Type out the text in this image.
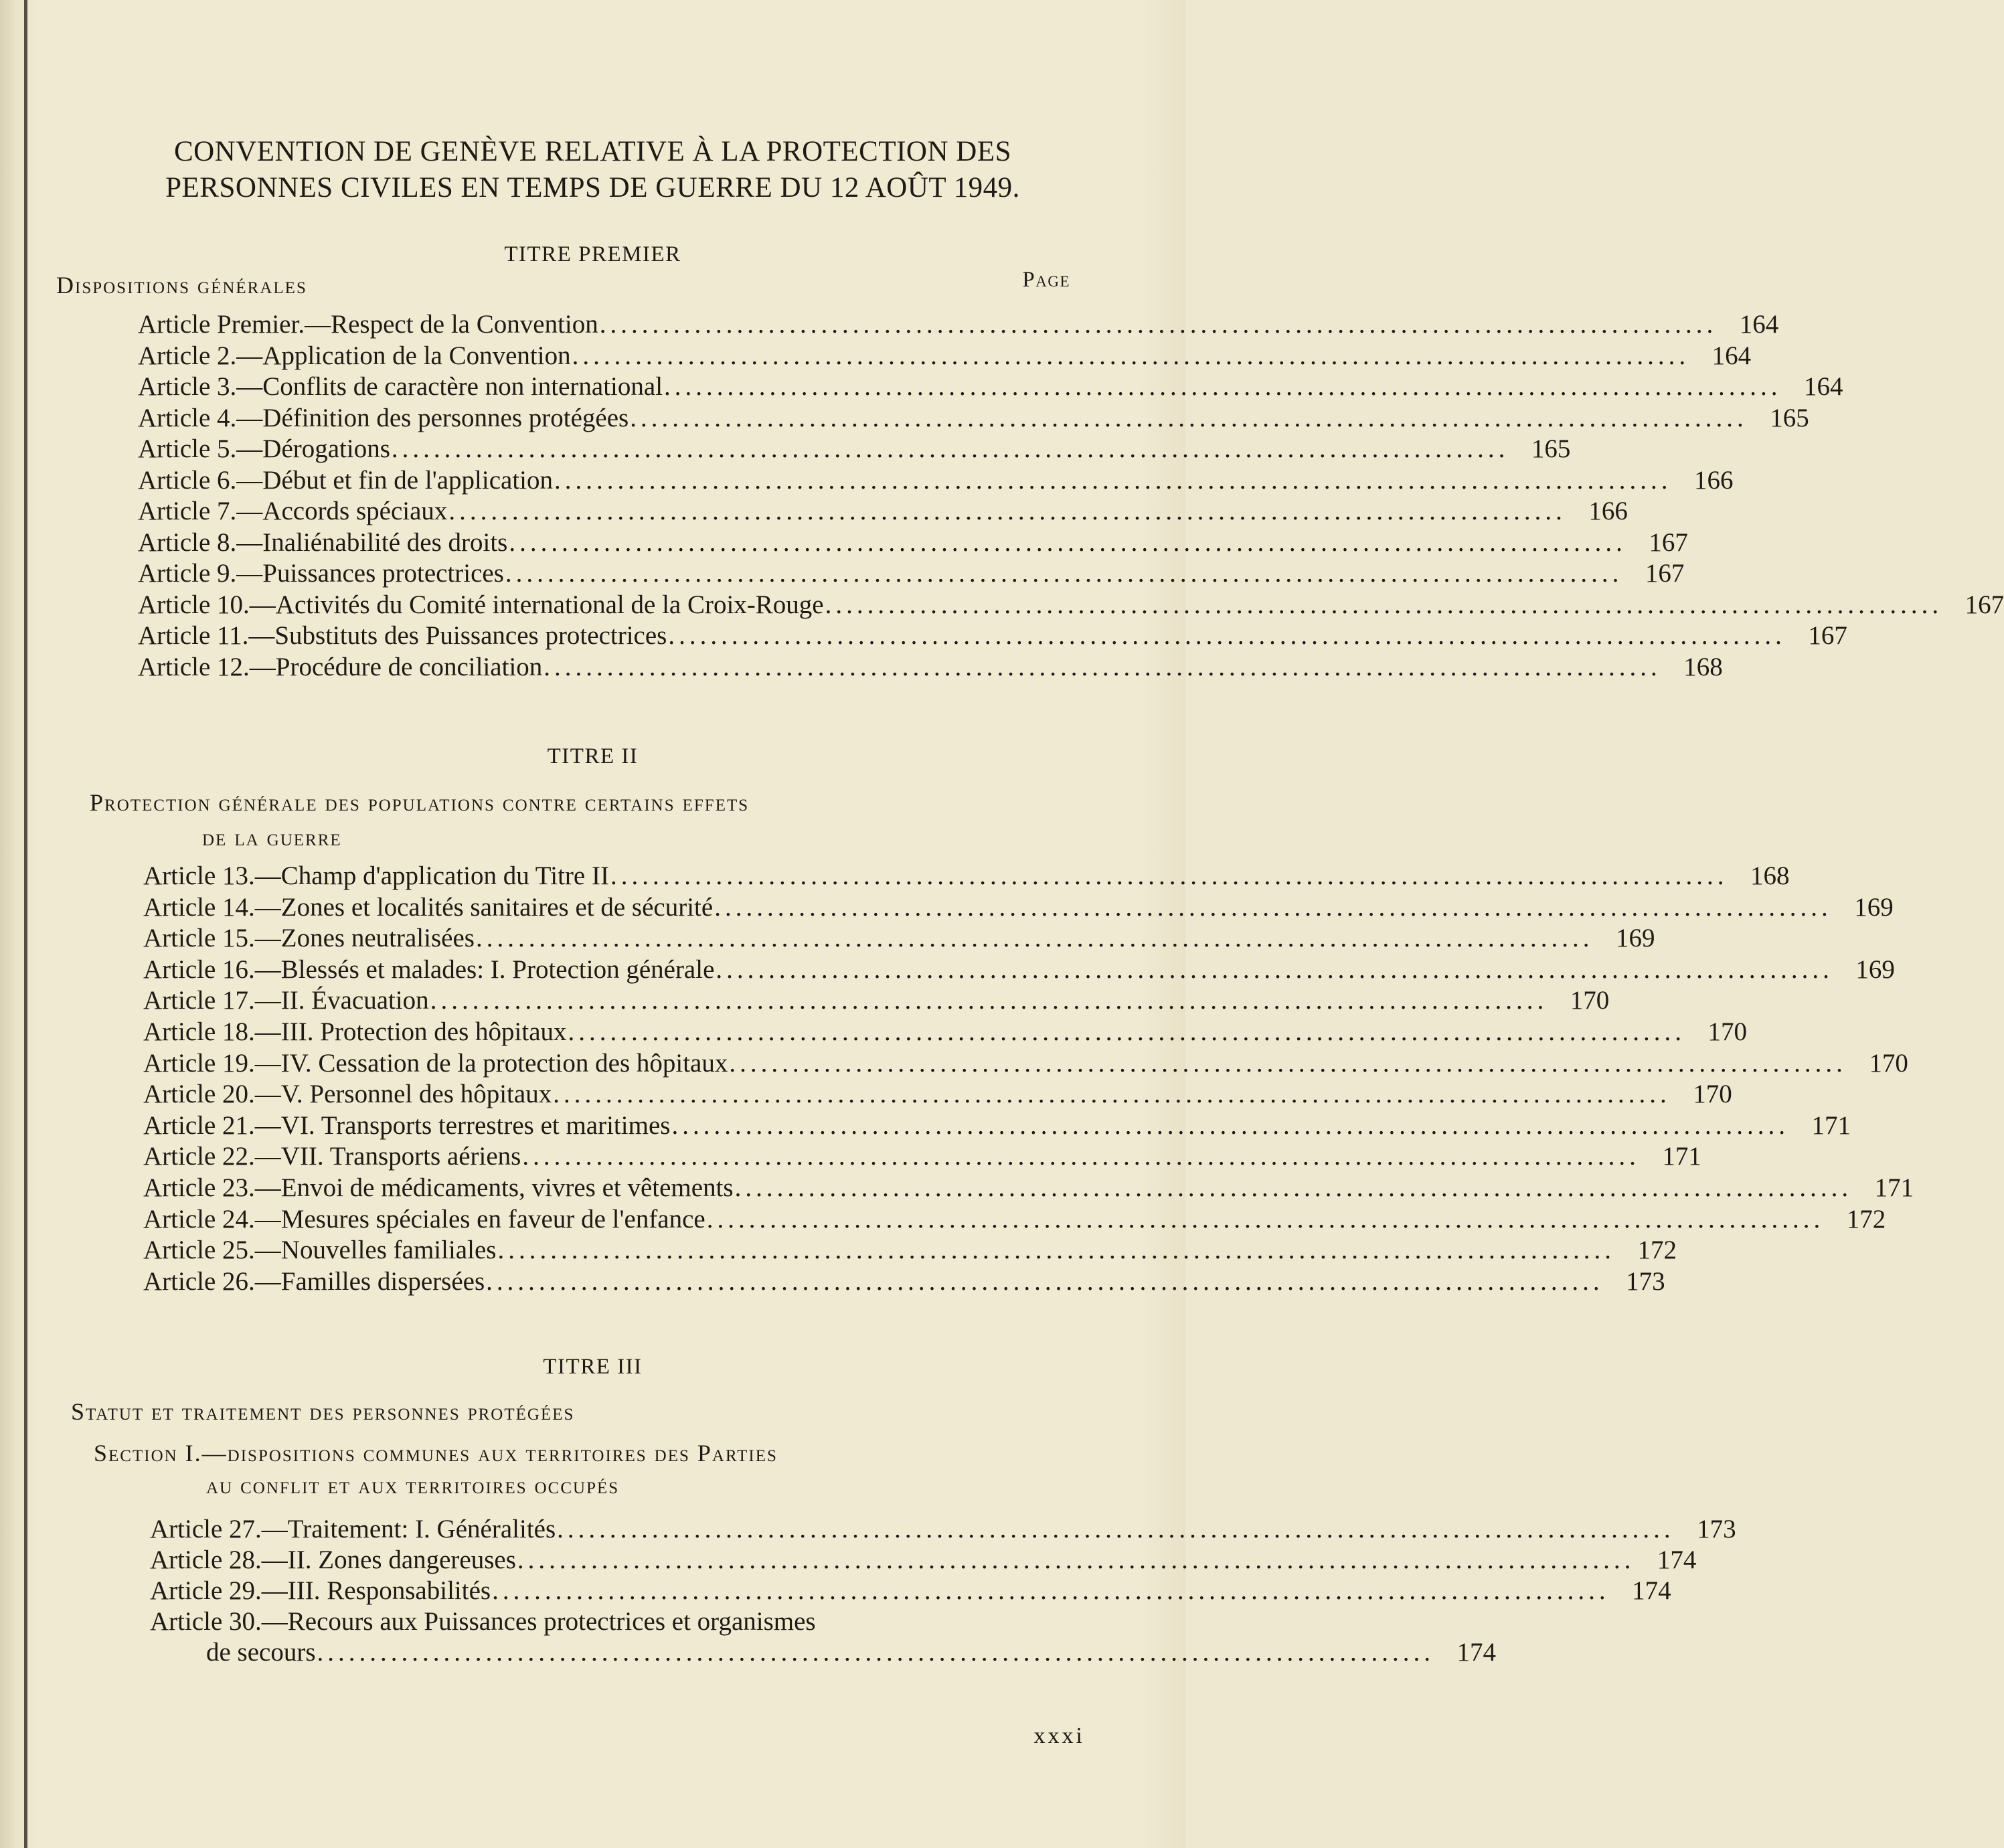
CONVENTION DE GENÈVE RELATIVE À LA PROTECTION DES
PERSONNES CIVILES EN TEMPS DE GUERRE DU 12 AOÛT 1949.
TITRE PREMIER
Dispositions générales	Page
Article Premier.—Respect de la Convention .......................................................................................................... 164
Article 2.—Application de la Convention .......................................................................................................... 164
Article 3.—Conflits de caractère non international .......................................................................................................... 164
Article 4.—Définition des personnes protégées .......................................................................................................... 165
Article 5.—Dérogations .......................................................................................................... 165
Article 6.—Début et fin de l'application .......................................................................................................... 166
Article 7.—Accords spéciaux .......................................................................................................... 166
Article 8.—Inaliénabilité des droits .......................................................................................................... 167
Article 9.—Puissances protectrices .......................................................................................................... 167
Article 10.—Activités du Comité international de la Croix-Rouge .......................................................................................................... 167
Article 11.—Substituts des Puissances protectrices .......................................................................................................... 167
Article 12.—Procédure de conciliation .......................................................................................................... 168
TITRE II
Protection générale des populations contre certains effets
de la guerre
Article 13.—Champ d'application du Titre II .......................................................................................................... 168
Article 14.—Zones et localités sanitaires et de sécurité .......................................................................................................... 169
Article 15.—Zones neutralisées .......................................................................................................... 169
Article 16.—Blessés et malades: I. Protection générale .......................................................................................................... 169
Article 17.—II. Évacuation .......................................................................................................... 170
Article 18.—III. Protection des hôpitaux .......................................................................................................... 170
Article 19.—IV. Cessation de la protection des hôpitaux .......................................................................................................... 170
Article 20.—V. Personnel des hôpitaux .......................................................................................................... 170
Article 21.—VI. Transports terrestres et maritimes .......................................................................................................... 171
Article 22.—VII. Transports aériens .......................................................................................................... 171
Article 23.—Envoi de médicaments, vivres et vêtements .......................................................................................................... 171
Article 24.—Mesures spéciales en faveur de l'enfance .......................................................................................................... 172
Article 25.—Nouvelles familiales .......................................................................................................... 172
Article 26.—Familles dispersées .......................................................................................................... 173
TITRE III
Statut et traitement des personnes protégées
Section I.—dispositions communes aux territoires des Parties
au conflit et aux territoires occupés
Article 27.—Traitement: I. Généralités .......................................................................................................... 173
Article 28.—II. Zones dangereuses .......................................................................................................... 174
Article 29.—III. Responsabilités .......................................................................................................... 174
Article 30.—Recours aux Puissances protectrices et organismes
de secours .......................................................................................................... 174
xxxi
